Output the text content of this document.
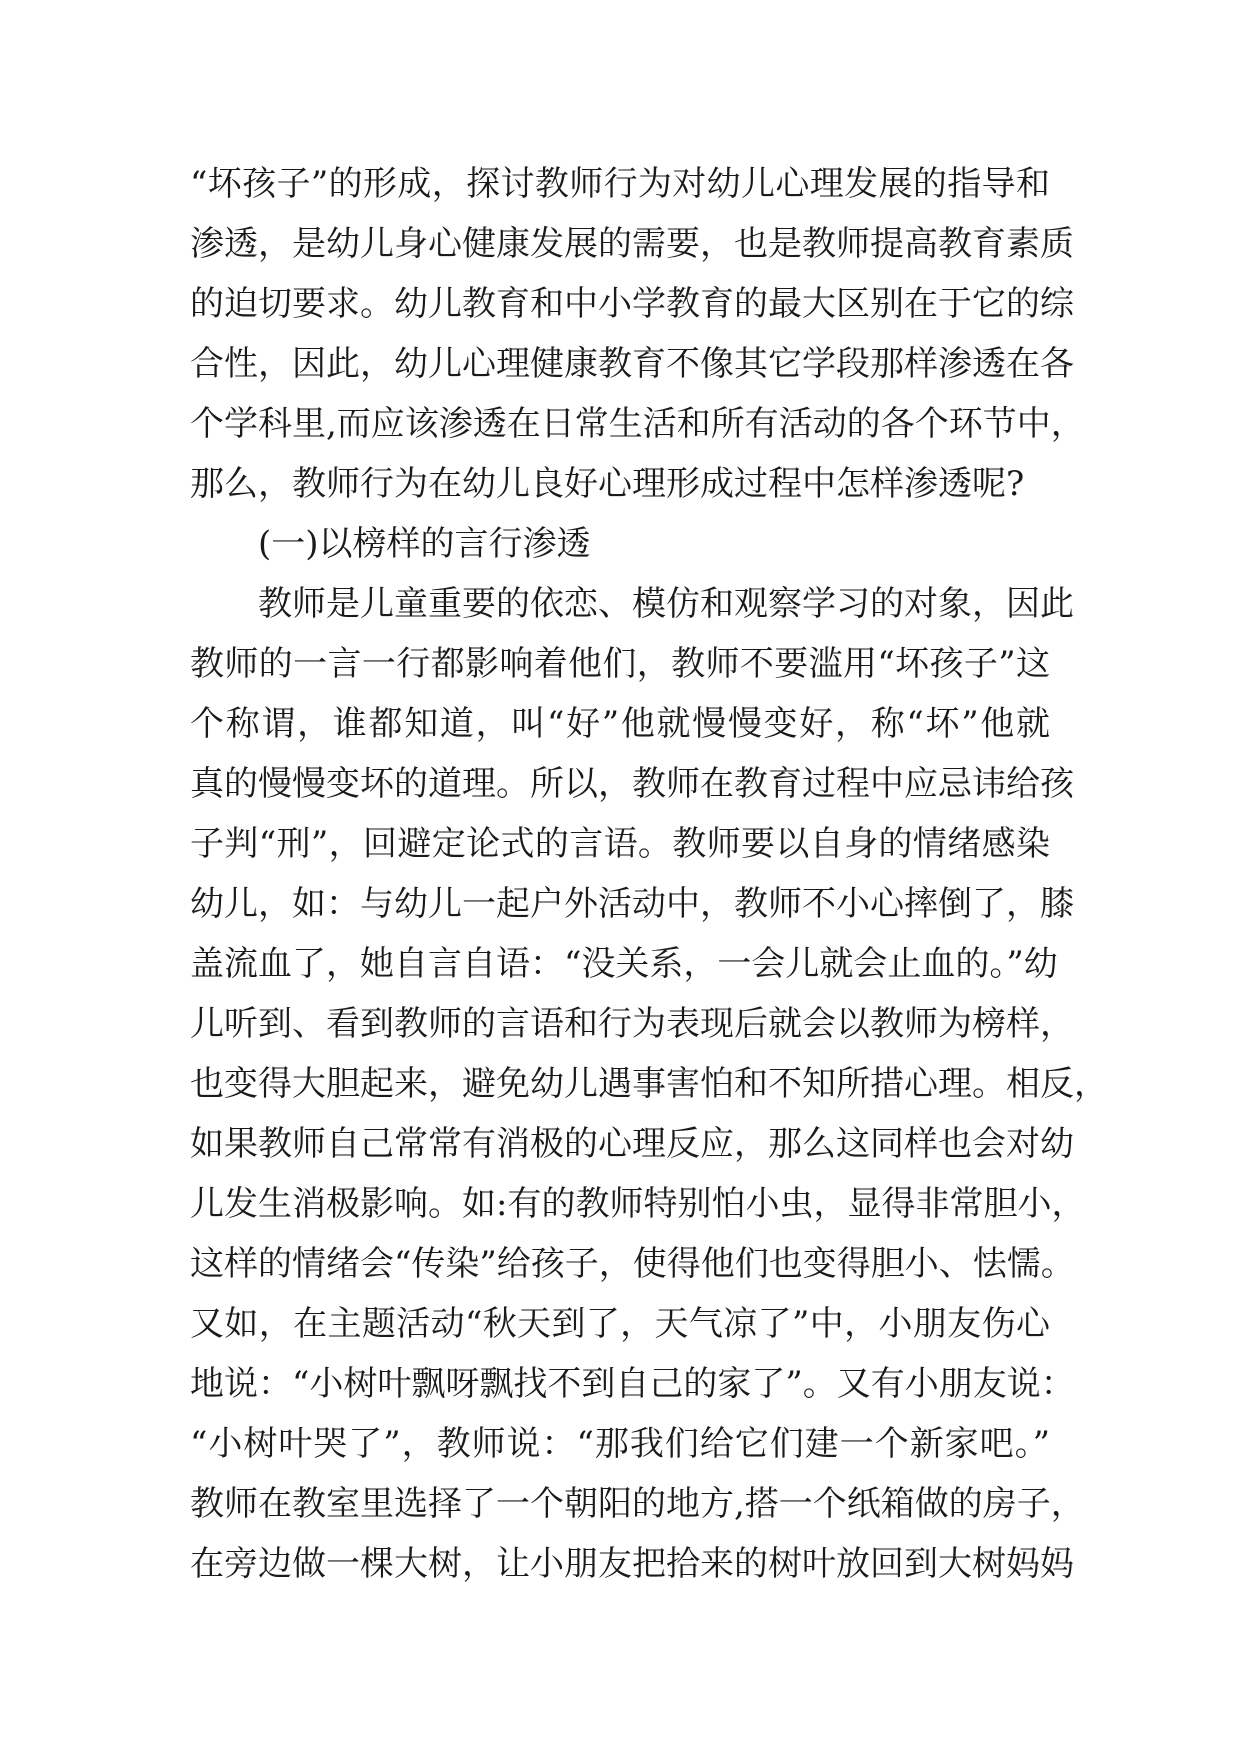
“坏孩子”的形成，探讨教师行为对幼儿心理发展的指导和
渗透，是幼儿身心健康发展的需要，也是教师提高教育素质
的迫切要求。幼儿教育和中小学教育的最大区别在于它的综
合性，因此，幼儿心理健康教育不像其它学段那样渗透在各
个学科里,而应该渗透在日常生活和所有活动的各个环节中，
那么，教师行为在幼儿良好心理形成过程中怎样渗透呢?
(一)以榜样的言行渗透
教师是儿童重要的依恋、模仿和观察学习的对象，因此
教师的一言一行都影响着他们，教师不要滥用“坏孩子”这
个称谓，谁都知道，叫“好”他就慢慢变好，称“坏”他就
真的慢慢变坏的道理。所以，教师在教育过程中应忌讳给孩
子判“刑”，回避定论式的言语。教师要以自身的情绪感染
幼儿，如：与幼儿一起户外活动中，教师不小心摔倒了，膝
盖流血了，她自言自语：“没关系，一会儿就会止血的。”幼
儿听到、看到教师的言语和行为表现后就会以教师为榜样，
也变得大胆起来，避免幼儿遇事害怕和不知所措心理。相反，
如果教师自己常常有消极的心理反应，那么这同样也会对幼
儿发生消极影响。如:有的教师特别怕小虫，显得非常胆小，
这样的情绪会“传染”给孩子，使得他们也变得胆小、怯懦。
又如，在主题活动“秋天到了，天气凉了”中，小朋友伤心
地说：“小树叶飘呀飘找不到自己的家了”。又有小朋友说：
“小树叶哭了”，教师说：“那我们给它们建一个新家吧。”
教师在教室里选择了一个朝阳的地方,搭一个纸箱做的房子，
在旁边做一棵大树，让小朋友把拾来的树叶放回到大树妈妈
